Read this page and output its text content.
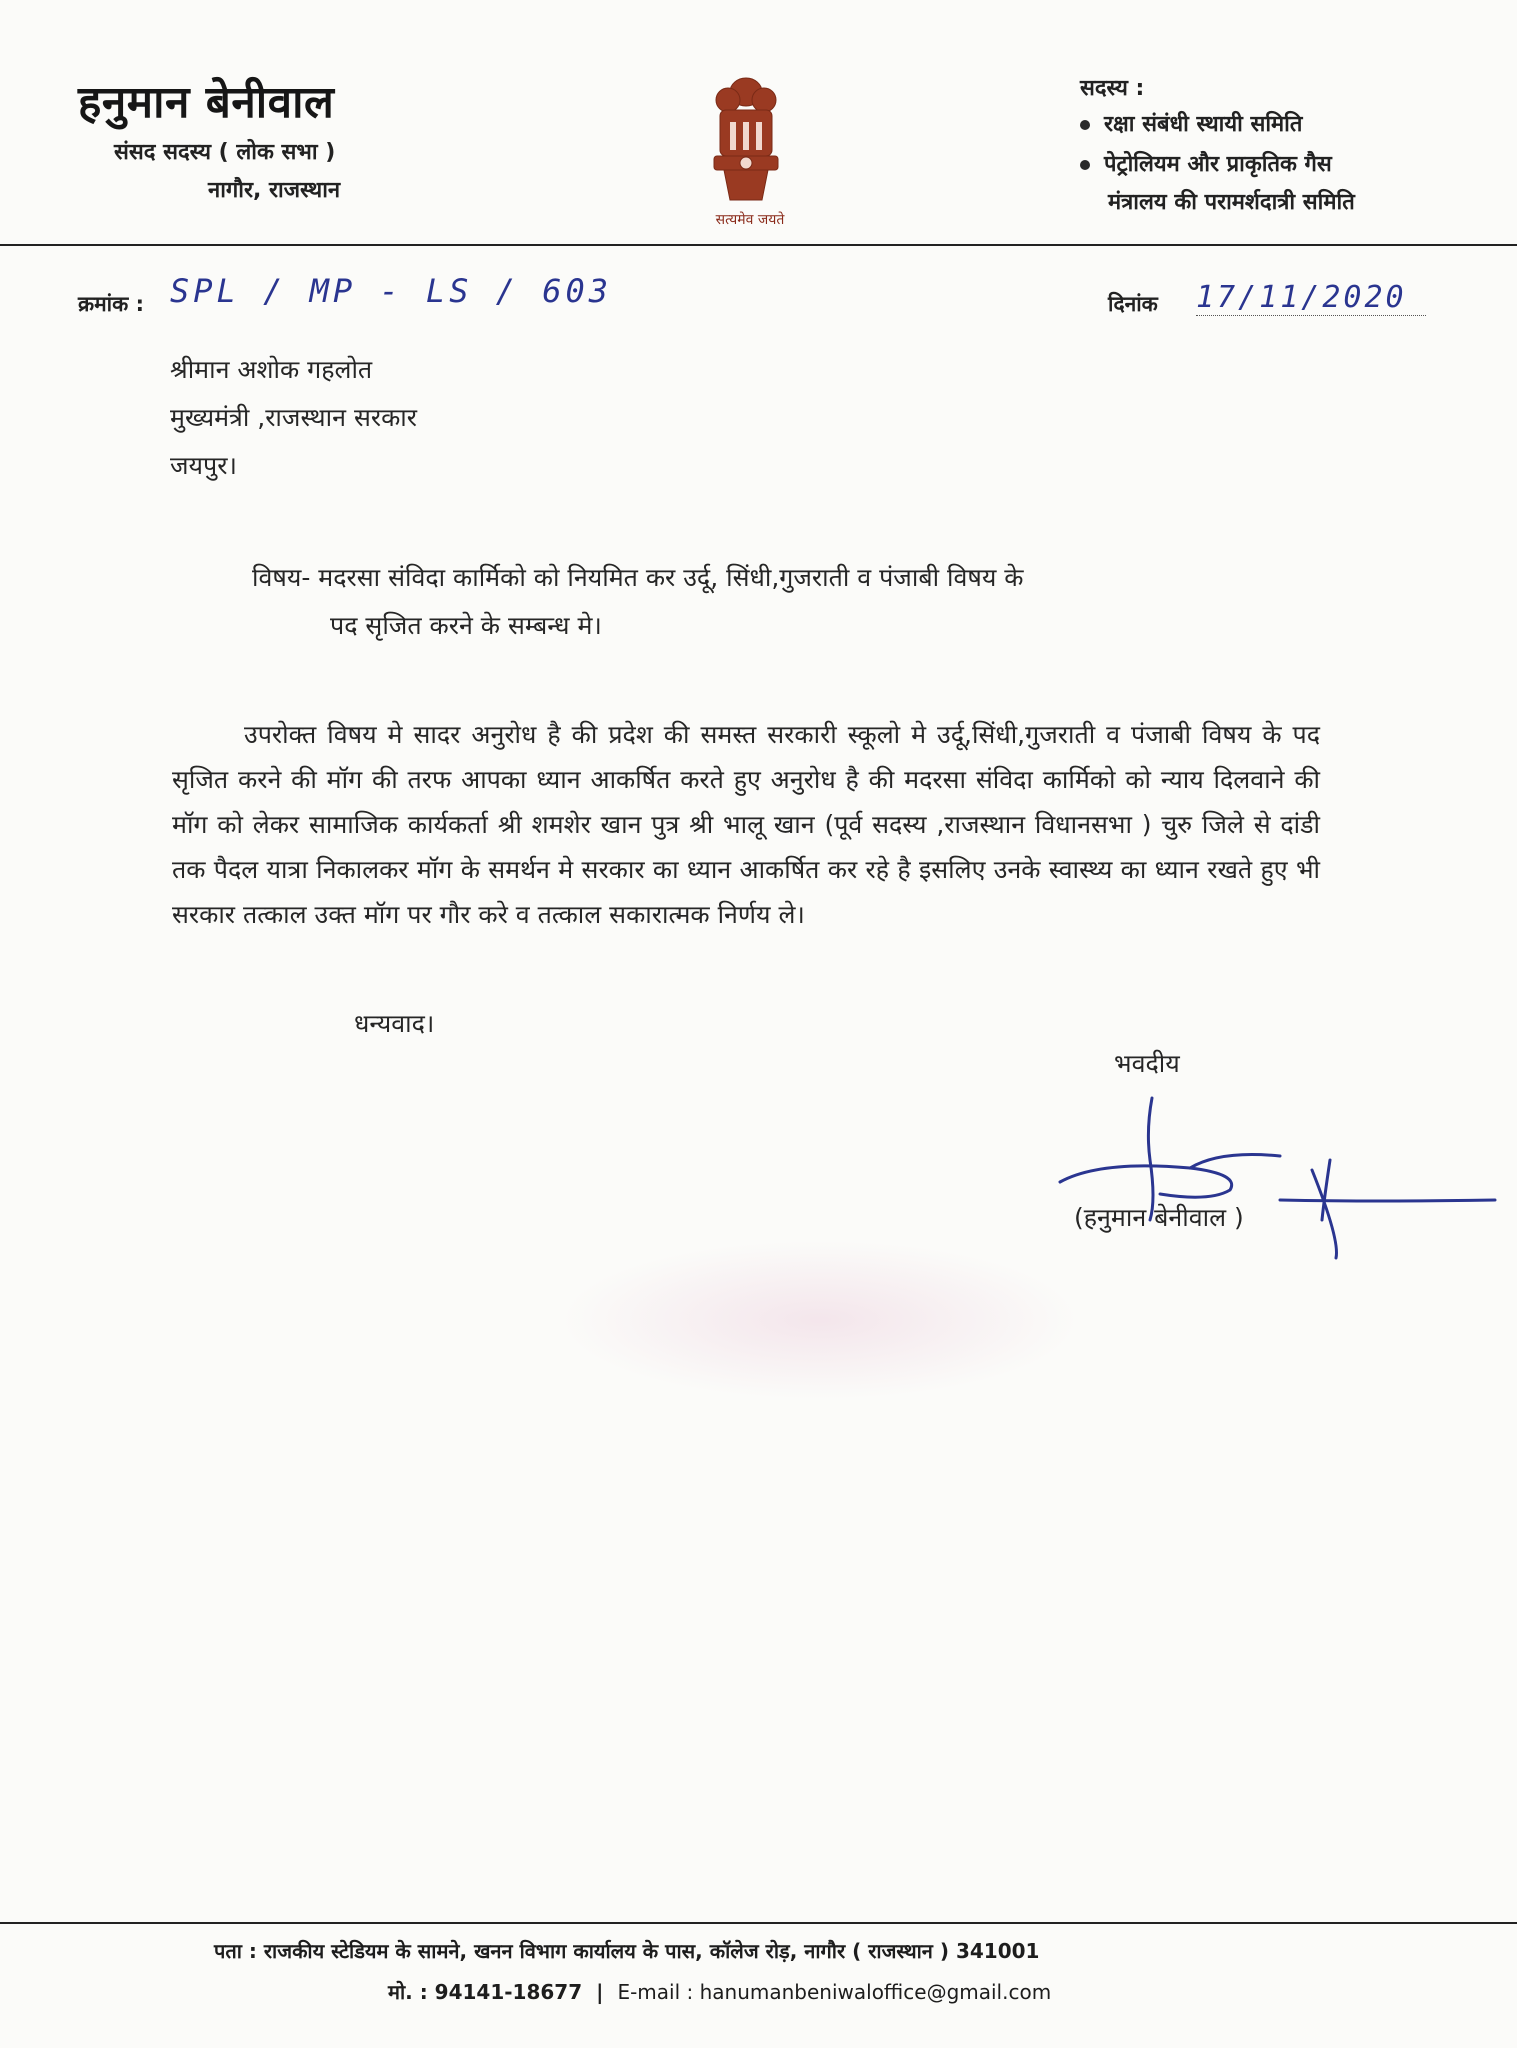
हनुमान बेनीवाल
संसद सदस्य ( लोक सभा )
नागौर, राजस्थान
सत्यमेव जयते
सदस्य :
रक्षा संबंधी स्थायी समिति
पेट्रोलियम और प्राकृतिक गैस
मंत्रालय की परामर्शदात्री समिति
क्रमांक : SPL / MP - LS / 603	दिनांक 17/11/2020
श्रीमान अशोक गहलोत
मुख्यमंत्री ,राजस्थान सरकार
जयपुर।
विषय- मदरसा संविदा कार्मिको को नियमित कर उर्दू, सिंधी,गुजराती व पंजाबी विषय के
पद सृजित करने के सम्बन्ध मे।
उपरोक्त विषय मे सादर अनुरोध है की प्रदेश की समस्त सरकारी स्कूलो मे उर्दू,सिंधी,गुजराती व पंजाबी विषय के पद सृजित करने की मॉग की तरफ आपका ध्यान आकर्षित करते हुए अनुरोध है की मदरसा संविदा कार्मिको को न्याय दिलवाने की मॉग को लेकर सामाजिक कार्यकर्ता श्री शमशेर खान पुत्र श्री भालू खान (पूर्व सदस्य ,राजस्थान विधानसभा ) चुरु जिले से दांडी तक पैदल यात्रा निकालकर मॉग के समर्थन मे सरकार का ध्यान आकर्षित कर रहे है इसलिए उनके स्वास्थ्य का ध्यान रखते हुए भी सरकार तत्काल उक्त मॉग पर गौर करे व तत्काल सकारात्मक निर्णय ले।
धन्यवाद।
भवदीय
(हनुमान बेनीवाल )
पता : राजकीय स्टेडियम के सामने, खनन विभाग कार्यालय के पास, कॉलेज रोड़, नागौर ( राजस्थान ) 341001
मो. : 94141-18677 | E-mail : hanumanbeniwaloffice@gmail.com
